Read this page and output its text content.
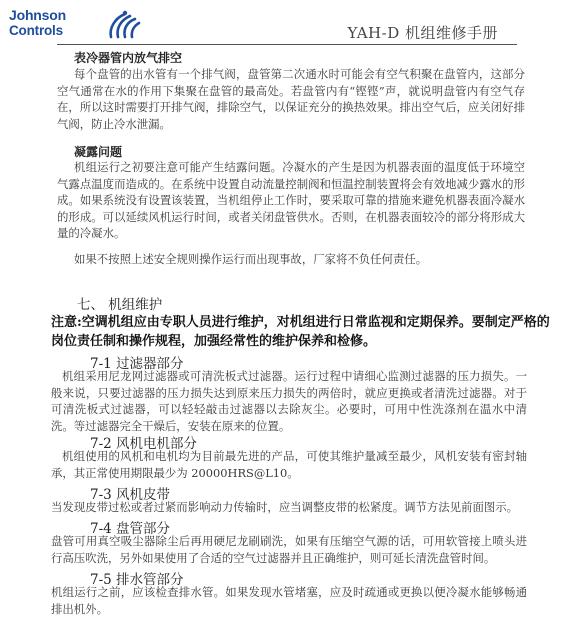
Johnson
Controls	YAH-D 机组维修手册
表冷器管内放气排空

每个盘管的出水管有一个排气阀，盘管第二次通水时可能会有空气积聚在盘管内，这部分空气通常在水的作用下集聚在盘管的最高处。若盘管内有“铿铿”声，就说明盘管内有空气存在，所以这时需要打开排气阀，排除空气，以保证充分的换热效果。排出空气后，应关闭好排气阀，防止冷水泄漏。

凝露问题

机组运行之初要注意可能产生结露问题。冷凝水的产生是因为机器表面的温度低于环境空气露点温度而造成的。在系统中设置自动流量控制阀和恒温控制装置将会有效地减少露水的形成。如果系统没有设置该装置，当机组停止工作时，要采取可靠的措施来避免机器表面冷凝水的形成。可以延续风机运行时间，或者关闭盘管供水。否则，在机器表面较冷的部分将形成大量的冷凝水。

如果不按照上述安全规则操作运行而出现事故，厂家将不负任何责任。

七、 机组维护

注意:空调机组应由专职人员进行维护，对机组进行日常监视和定期保养。要制定严格的岗位责任制和操作规程，加强经常性的维护保养和检修。

7-1 过滤器部分

机组采用尼龙网过滤器或可清洗板式过滤器。运行过程中请细心监测过滤器的压力损失。一般来说，只要过滤器的压力损失达到原来压力损失的两倍时，就应更换或者清洗过滤器。对于可清洗板式过滤器，可以轻轻敲击过滤器以去除灰尘。必要时，可用中性洗涤剂在温水中清洗。等过滤器完全干燥后，安装在原来的位置。

7-2 风机电机部分

机组使用的风机和电机均为目前最先进的产品，可使其维护量减至最少，风机安装有密封轴承，其正常使用期限最少为 20000HRS@L10。

7-3 风机皮带

当发现皮带过松或者过紧而影响动力传输时，应当调整皮带的松紧度。调节方法见前面图示。

7-4 盘管部分

盘管可用真空吸尘器除尘后再用硬尼龙刷刷洗，如果有压缩空气源的话，可用软管接上喷头进行高压吹洗，另外如果使用了合适的空气过滤器并且正确维护，则可延长清洗盘管时间。

7-5 排水管部分

机组运行之前，应该检查排水管。如果发现水管堵塞，应及时疏通或更换以便冷凝水能够畅通排出机外。
